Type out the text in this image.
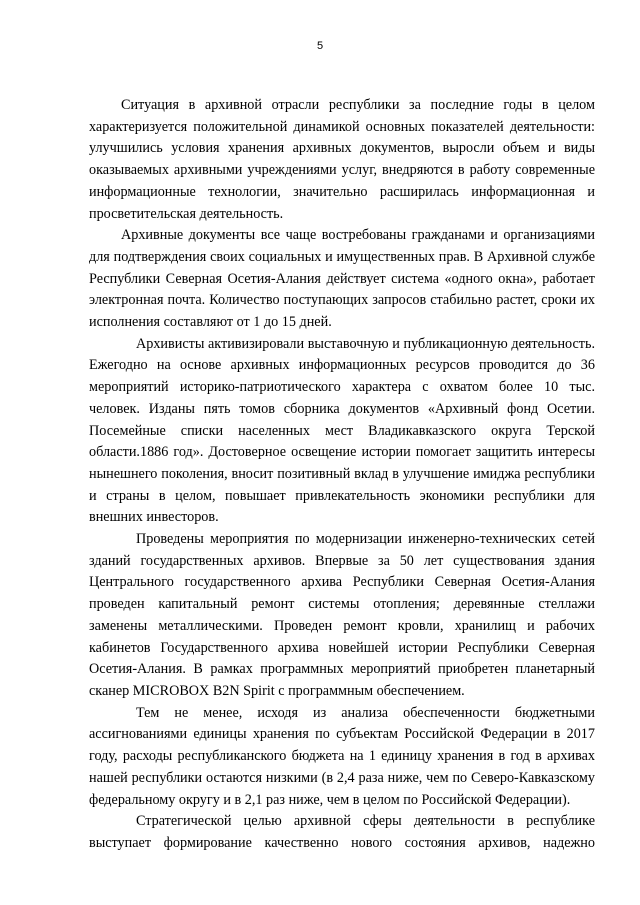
5

Ситуация в архивной отрасли республики за последние годы в целом характеризуется положительной динамикой основных показателей деятельности: улучшились условия хранения архивных документов, выросли объем и виды оказываемых архивными учреждениями услуг, внедряются в работу современные информационные технологии, значительно расширилась информационная и просветительская деятельность.

Архивные документы все чаще востребованы гражданами и организациями для подтверждения своих социальных и имущественных прав. В Архивной службе Республики Северная Осетия-Алания действует система «одного окна», работает электронная почта. Количество поступающих запросов стабильно растет, сроки их исполнения составляют от 1 до 15 дней.

Архивисты активизировали выставочную и публикационную деятельность. Ежегодно на основе архивных информационных ресурсов проводится до 36 мероприятий историко-патриотического характера с охватом более 10 тыс. человек. Изданы пять томов сборника документов «Архивный фонд Осетии. Посемейные списки населенных мест Владикавказского округа Терской области.1886 год». Достоверное освещение истории помогает защитить интересы нынешнего поколения, вносит позитивный вклад в улучшение имиджа республики и страны в целом, повышает привлекательность экономики республики для внешних инвесторов.

Проведены мероприятия по модернизации инженерно-технических сетей зданий государственных архивов. Впервые за 50 лет существования здания Центрального государственного архива Республики Северная Осетия-Алания проведен капитальный ремонт системы отопления; деревянные стеллажи заменены металлическими. Проведен ремонт кровли, хранилищ и рабочих кабинетов Государственного архива новейшей истории Республики Северная Осетия-Алания. В рамках программных мероприятий приобретен планетарный сканер MICROBOX B2N Spirit с программным обеспечением.

Тем не менее, исходя из анализа обеспеченности бюджетными ассигнованиями единицы хранения по субъектам Российской Федерации в 2017 году, расходы республиканского бюджета на 1 единицу хранения в год в архивах нашей республики остаются низкими (в 2,4 раза ниже, чем по Северо-Кавказскому федеральному округу и в 2,1 раз ниже, чем в целом по Российской Федерации).

Стратегической целью архивной сферы деятельности в республике выступает формирование качественно нового состояния архивов, надежно
